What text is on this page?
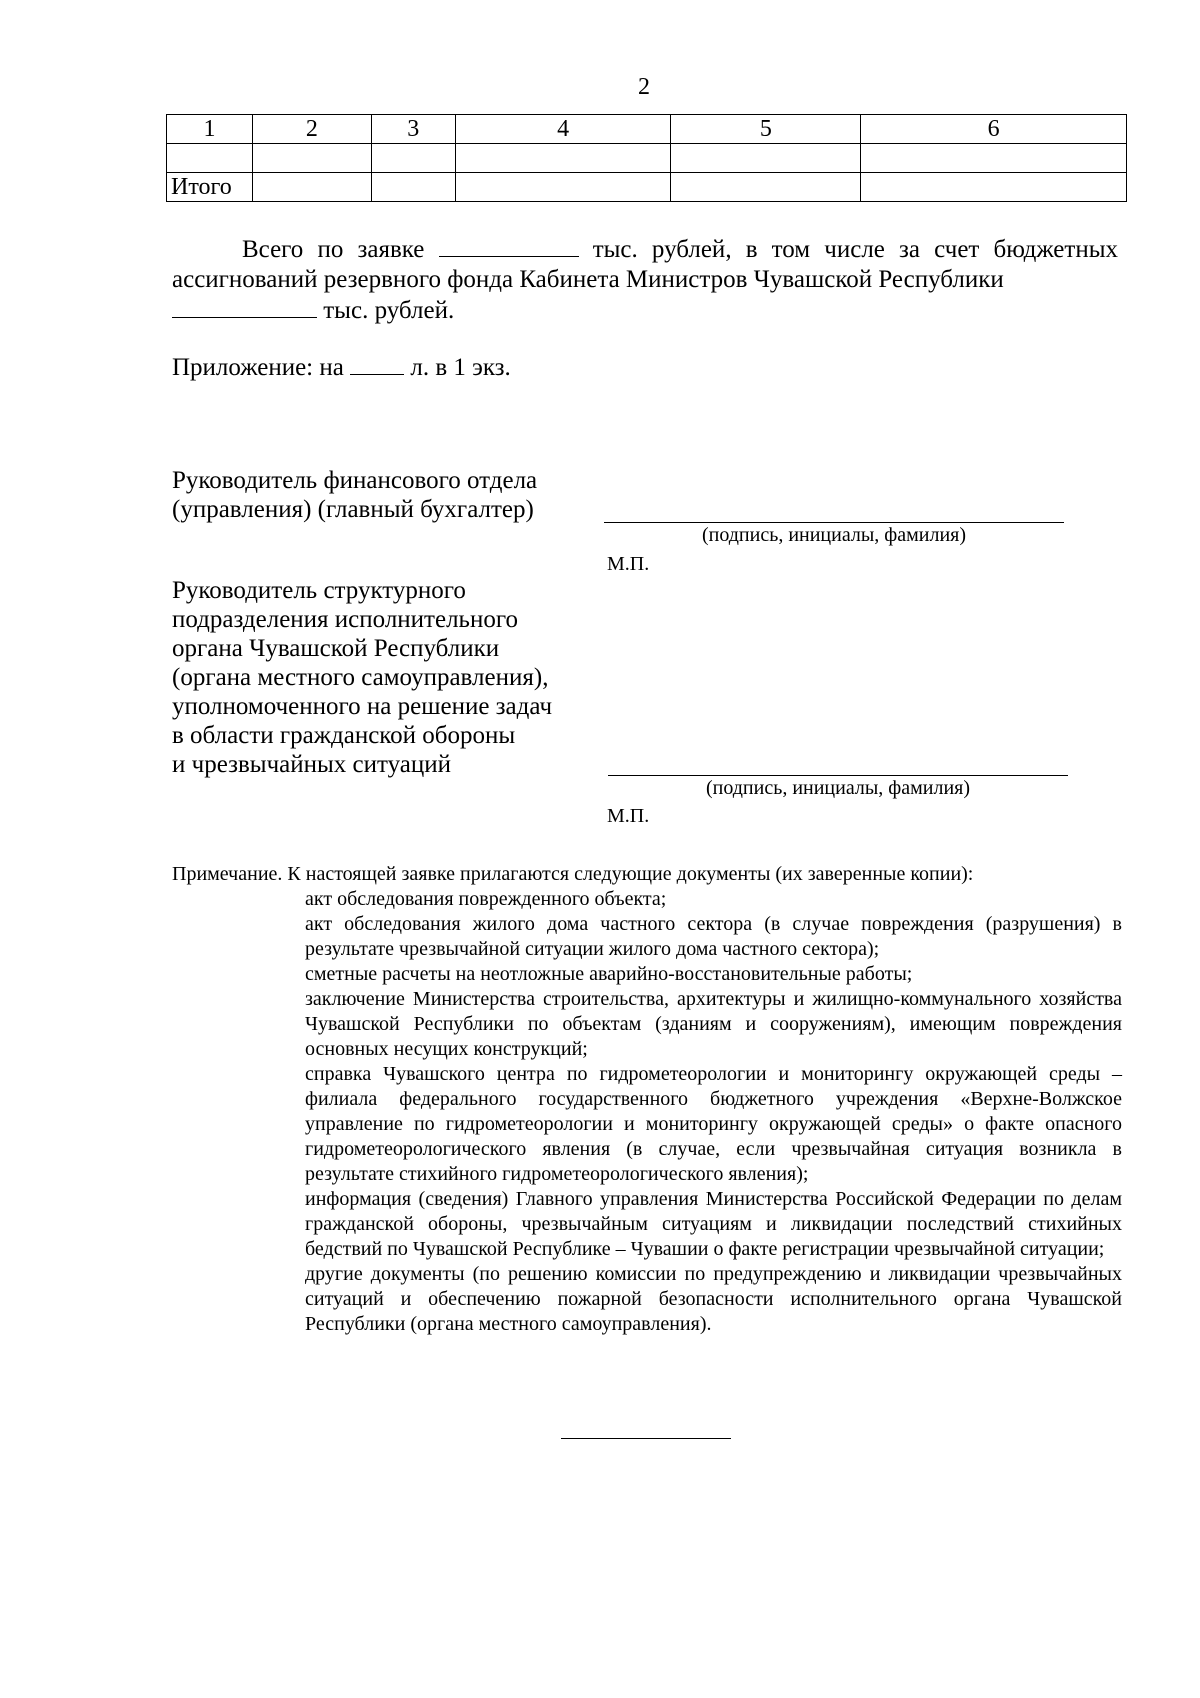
2
1	2	3	4	5	6

Итого					
Всего по заявке	тыс. рублей, в том числе за счет бюджетных ассигнований резервного фонда Кабинета Министров Чувашской Республики
тыс. рублей.
Приложение: на	л. в 1 экз.
Руководитель финансового отдела
(управления) (главный бухгалтер)
(подпись, инициалы, фамилия)
М.П.
Руководитель структурного
подразделения исполнительного
органа Чувашской Республики
(органа местного самоуправления),
уполномоченного на решение задач
в области гражданской обороны
и чрезвычайных ситуаций
(подпись, инициалы, фамилия)
М.П.
Примечание. К настоящей заявке прилагаются следующие документы (их заверенные копии):
акт обследования поврежденного объекта;
акт обследования жилого дома частного сектора (в случае повреждения (разрушения) в результате чрезвычайной ситуации жилого дома частного сектора);
сметные расчеты на неотложные аварийно-восстановительные работы;
заключение Министерства строительства, архитектуры и жилищно-коммунального хозяйства Чувашской Республики по объектам (зданиям и сооружениям), имеющим повреждения основных несущих конструкций;
справка Чувашского центра по гидрометеорологии и мониторингу окружающей среды – филиала федерального государственного бюджетного учреждения «Верхне-Волжское управление по гидрометеорологии и мониторингу окружающей среды» о факте опасного гидрометеорологического явления (в случае, если чрезвычайная ситуация возникла в результате стихийного гидрометеорологического явления);
информация (сведения) Главного управления Министерства Российской Федерации по делам гражданской обороны, чрезвычайным ситуациям и ликвидации последствий стихийных бедствий по Чувашской Республике – Чувашии о факте регистрации чрезвычайной ситуации;
другие документы (по решению комиссии по предупреждению и ликвидации чрезвычайных ситуаций и обеспечению пожарной безопасности исполнительного органа Чувашской Республики (органа местного самоуправления).
